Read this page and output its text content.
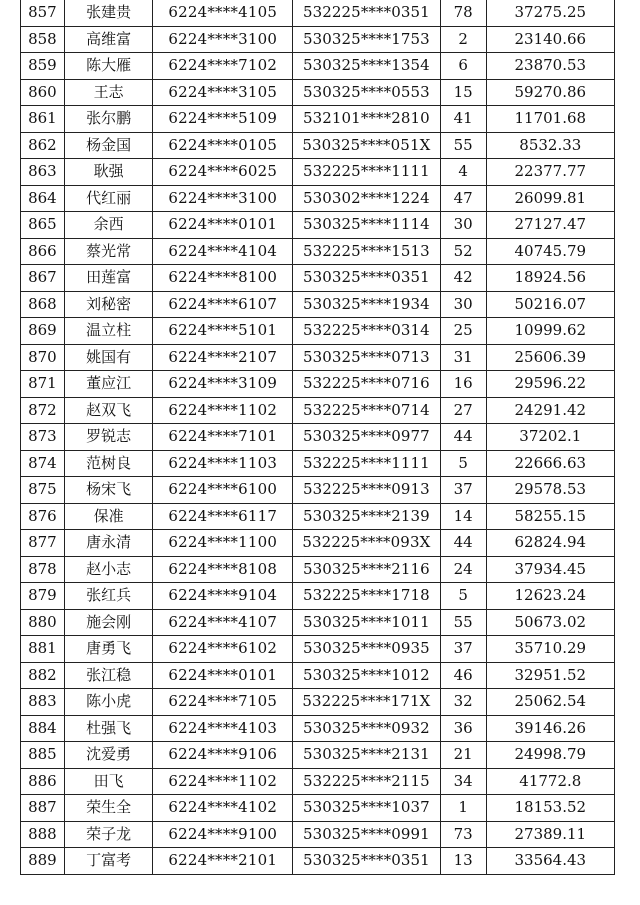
857	张建贵	6224****4105	532225****0351	78	37275.25
858	高维富	6224****3100	530325****1753	2	23140.66
859	陈大雁	6224****7102	530325****1354	6	23870.53
860	王志	6224****3105	530325****0553	15	59270.86
861	张尔鹏	6224****5109	532101****2810	41	11701.68
862	杨金国	6224****0105	530325****051X	55	8532.33
863	耿强	6224****6025	532225****1111	4	22377.77
864	代红丽	6224****3100	530302****1224	47	26099.81
865	余西	6224****0101	530325****1114	30	27127.47
866	蔡光常	6224****4104	532225****1513	52	40745.79
867	田莲富	6224****8100	530325****0351	42	18924.56
868	刘秘密	6224****6107	530325****1934	30	50216.07
869	温立柱	6224****5101	532225****0314	25	10999.62
870	姚国有	6224****2107	530325****0713	31	25606.39
871	董应江	6224****3109	532225****0716	16	29596.22
872	赵双飞	6224****1102	532225****0714	27	24291.42
873	罗锐志	6224****7101	530325****0977	44	37202.1
874	范树良	6224****1103	532225****1111	5	22666.63
875	杨宋飞	6224****6100	532225****0913	37	29578.53
876	保准	6224****6117	530325****2139	14	58255.15
877	唐永清	6224****1100	532225****093X	44	62824.94
878	赵小志	6224****8108	530325****2116	24	37934.45
879	张红兵	6224****9104	532225****1718	5	12623.24
880	施会刚	6224****4107	530325****1011	55	50673.02
881	唐勇飞	6224****6102	530325****0935	37	35710.29
882	张江稳	6224****0101	530325****1012	46	32951.52
883	陈小虎	6224****7105	532225****171X	32	25062.54
884	杜强飞	6224****4103	530325****0932	36	39146.26
885	沈爱勇	6224****9106	530325****2131	21	24998.79
886	田飞	6224****1102	532225****2115	34	41772.8
887	荣生全	6224****4102	530325****1037	1	18153.52
888	荣子龙	6224****9100	530325****0991	73	27389.11
889	丁富考	6224****2101	530325****0351	13	33564.43
